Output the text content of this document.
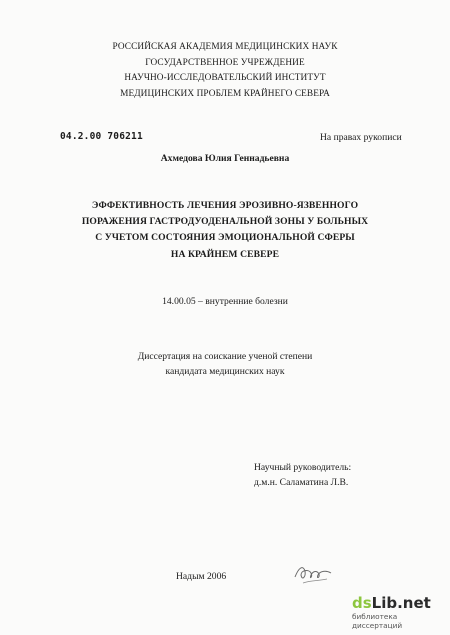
РОССИЙСКАЯ АКАДЕМИЯ МЕДИЦИНСКИХ НАУК
ГОСУДАРСТВЕННОЕ УЧРЕЖДЕНИЕ
НАУЧНО-ИССЛЕДОВАТЕЛЬСКИЙ ИНСТИТУТ
МЕДИЦИНСКИХ ПРОБЛЕМ КРАЙНЕГО СЕВЕРА
04.2.00 706211	На правах рукописи
Ахмедова Юлия Геннадьевна
ЭФФЕКТИВНОСТЬ ЛЕЧЕНИЯ ЭРОЗИВНО-ЯЗВЕННОГО
ПОРАЖЕНИЯ ГАСТРОДУОДЕНАЛЬНОЙ ЗОНЫ У БОЛЬНЫХ
С УЧЕТОМ СОСТОЯНИЯ ЭМОЦИОНАЛЬНОЙ СФЕРЫ
НА КРАЙНЕМ СЕВЕРЕ
14.00.05 – внутренние болезни
Диссертация на соискание ученой степени
кандидата медицинских наук
Научный руководитель:
д.м.н. Саламатина Л.В.
Надым 2006
dsLib.net
библиотека диссертаций
